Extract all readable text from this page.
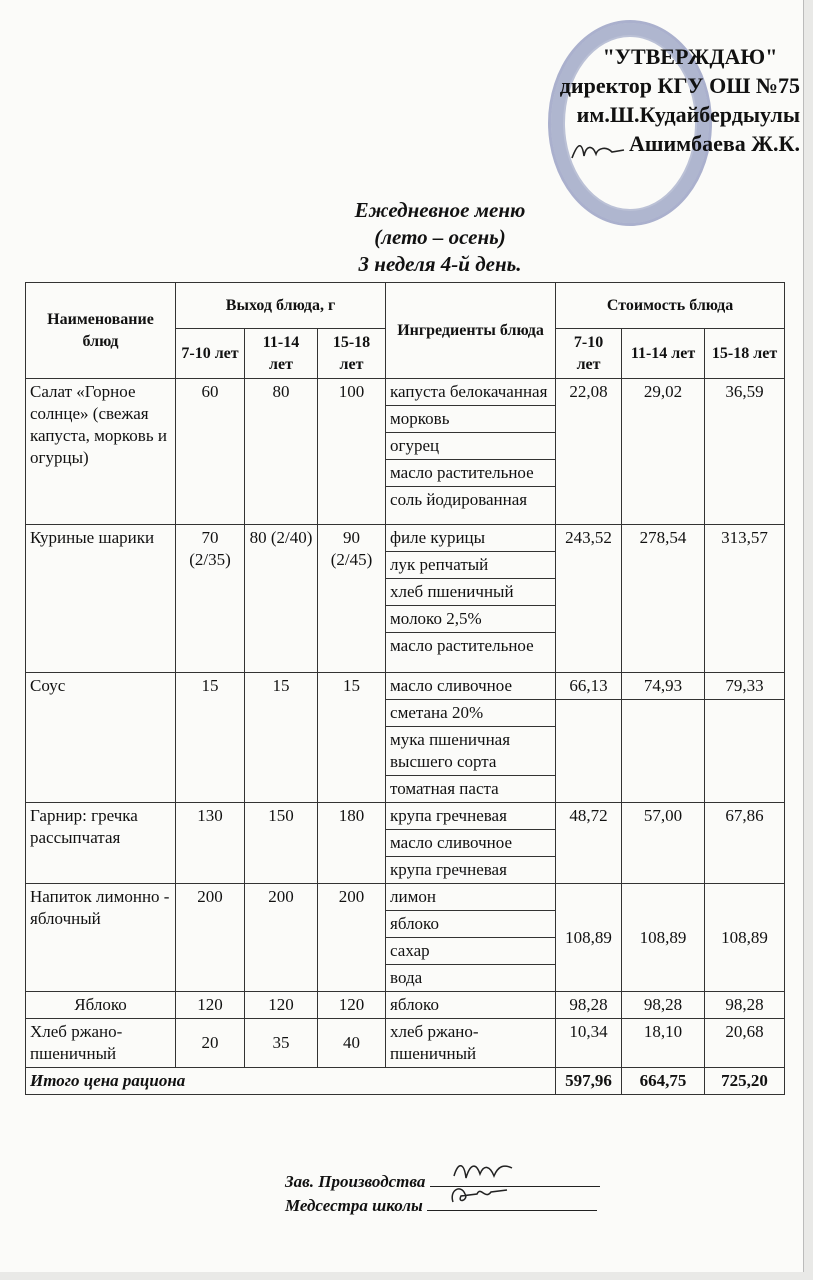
"УТВЕРЖДАЮ"
директор КГУ ОШ №75
им.Ш.Кудайбердыулы
Ашимбаева Ж.К.
Ежедневное меню
(лето – осень)
3 неделя 4-й день.
Наименование блюд	Выход блюда, г			Ингредиенты блюда	Стоимость блюда		
	7-10 лет	11-14 лет	15-18 лет		7-10 лет	11-14 лет	15-18 лет
Салат «Горное солнце» (свежая капуста, морковь и огурцы)	60	80	100	капуста белокачанная	22,08	29,02	36,59
				морковь			
				огурец			
				масло растительное			
				соль йодированная			
Куриные шарики	70 (2/35)	80 (2/40)	90 (2/45)	филе курицы	243,52	278,54	313,57
				лук репчатый			
				хлеб пшеничный			
				молоко 2,5%			
				масло растительное			
Соус	15	15	15	масло сливочное	66,13	74,93	79,33
				сметана 20%			
				мука пшеничная высшего сорта			
				томатная паста			
Гарнир: гречка рассыпчатая	130	150	180	крупа гречневая	48,72	57,00	67,86
				масло сливочное			
				крупа гречневая			
Напиток лимонно - яблочный	200	200	200	лимон	108,89	108,89	108,89
				яблоко			
				сахар			
				вода			
Яблоко	120	120	120	яблоко	98,28	98,28	98,28
Хлеб ржано-пшеничный	20	35	40	хлеб ржано-пшеничный	10,34	18,10	20,68
Итого цена рациона					597,96	664,75	725,20
Зав. Производства
Медсестра школы
